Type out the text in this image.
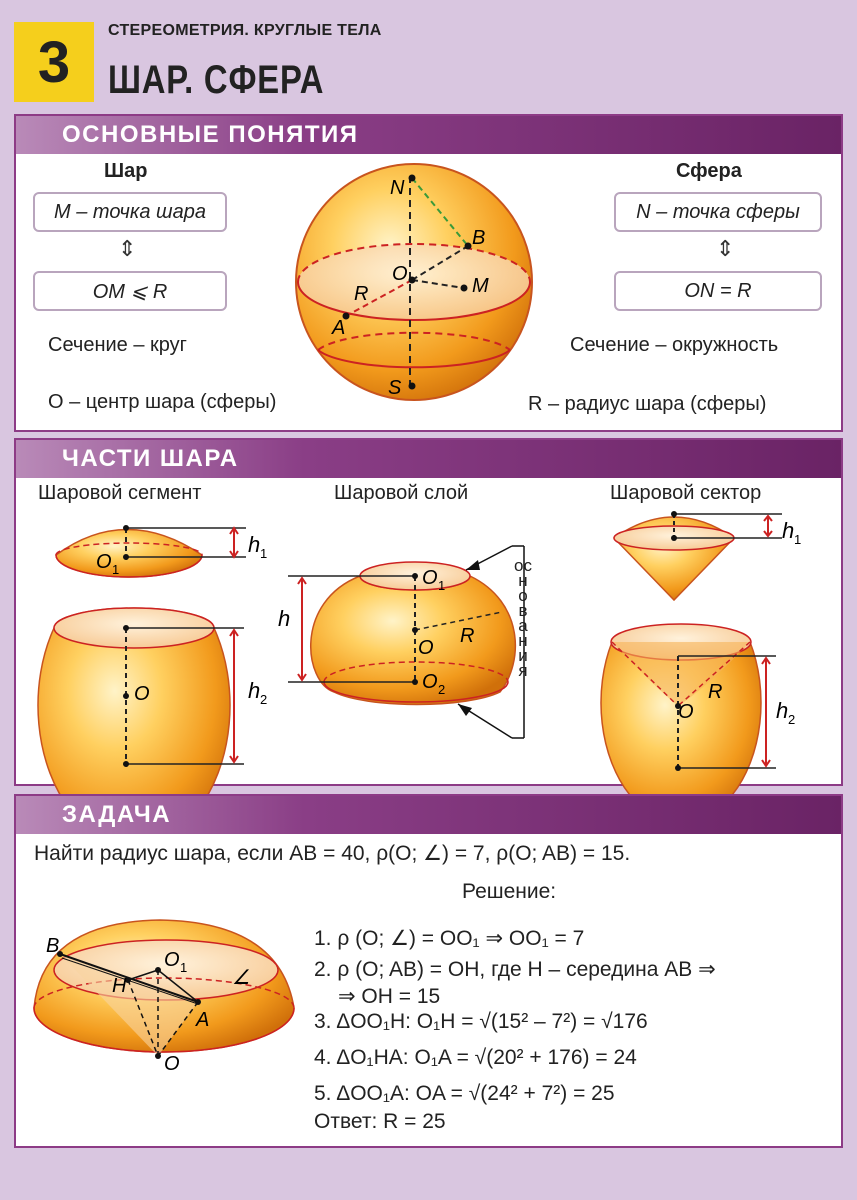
3	СТЕРЕОМЕТРИЯ. КРУГЛЫЕ ТЕЛА
ШАР. СФЕРА
ОСНОВНЫЕ ПОНЯТИЯ
Шар
M – точка шара
⇕
OM ⩽ R
Сечение – круг
O – центр шара (сферы)
Сфера
N – точка сферы
⇕
ON = R
Сечение – окружность
R – радиус шара (сферы)
N
B
O
M
R
A
S
ЧАСТИ ШАРА
Шаровой сегмент	Шаровой слой	Шаровой сектор
O 1
h 1
O	h 2
h
O 1
O
R
O 2
основания
h 1
O
R
h 2
ЗАДАЧА
Найти радиус шара, если AB = 40, ρ(O; ∠) = 7, ρ(O; AB) = 15.
Решение:
B
O 1
H
A
O
∠
1. ρ (O; ∠) = OO₁ ⇒ OO₁ = 7
2. ρ (O; AB) = OH, где H – середина AB ⇒
⇒ OH = 15
3. ΔOO₁H: O₁H = √(15² – 7²) = √176
4. ΔO₁HA: O₁A = √(20² + 176) = 24
5. ΔOO₁A: OA = √(24² + 7²) = 25
Ответ: R = 25
